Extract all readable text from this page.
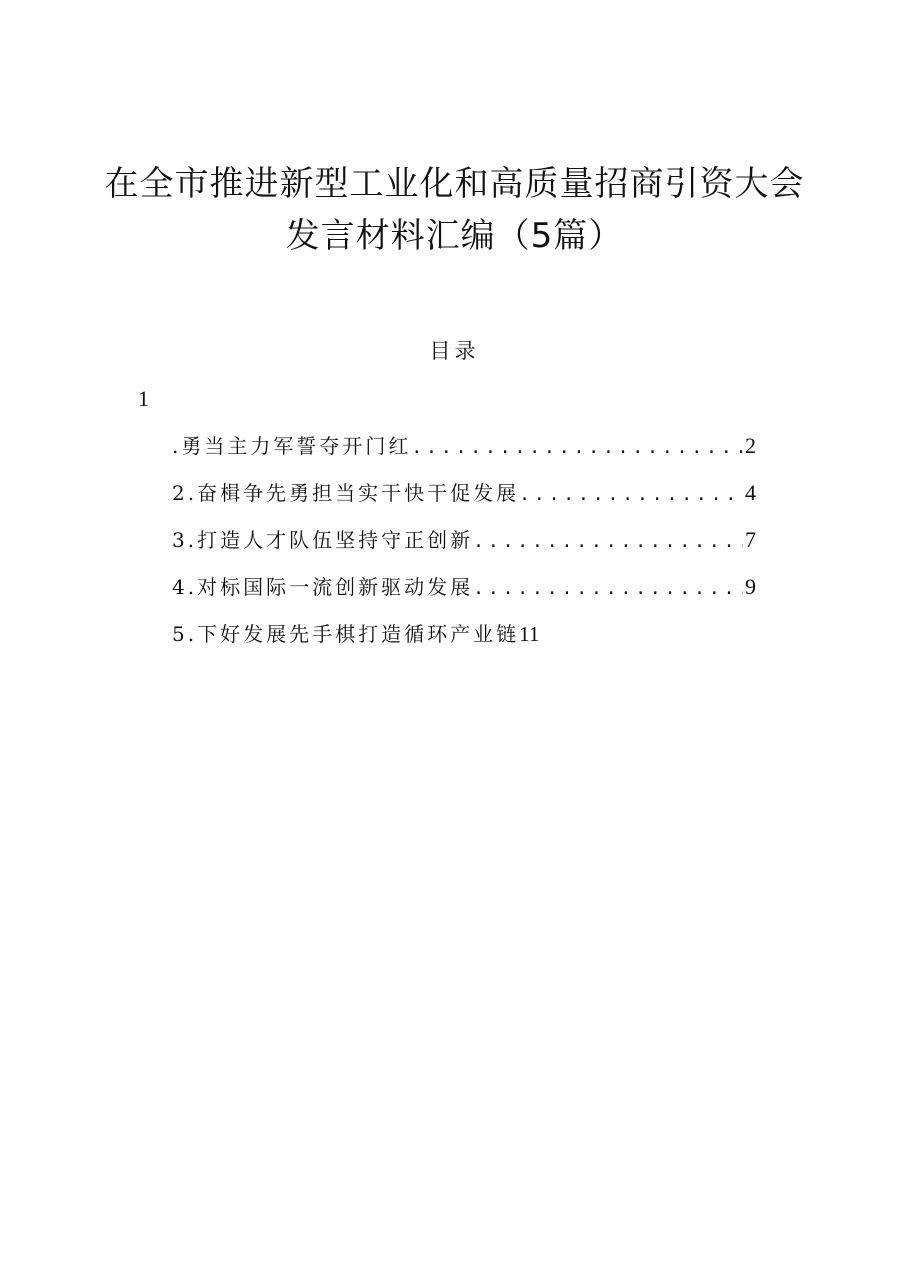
在全市推进新型工业化和高质量招商引资大会
发言材料汇编（5篇）
目录
1
.勇当主力军誓夺开门红 .....	2
2.奋楫争先勇担当实干快干促发展 .....	4
3.打造人才队伍坚持守正创新 .....	7
4.对标国际一流创新驱动发展 .....	9
5.下好发展先手棋打造循环产业链 11
